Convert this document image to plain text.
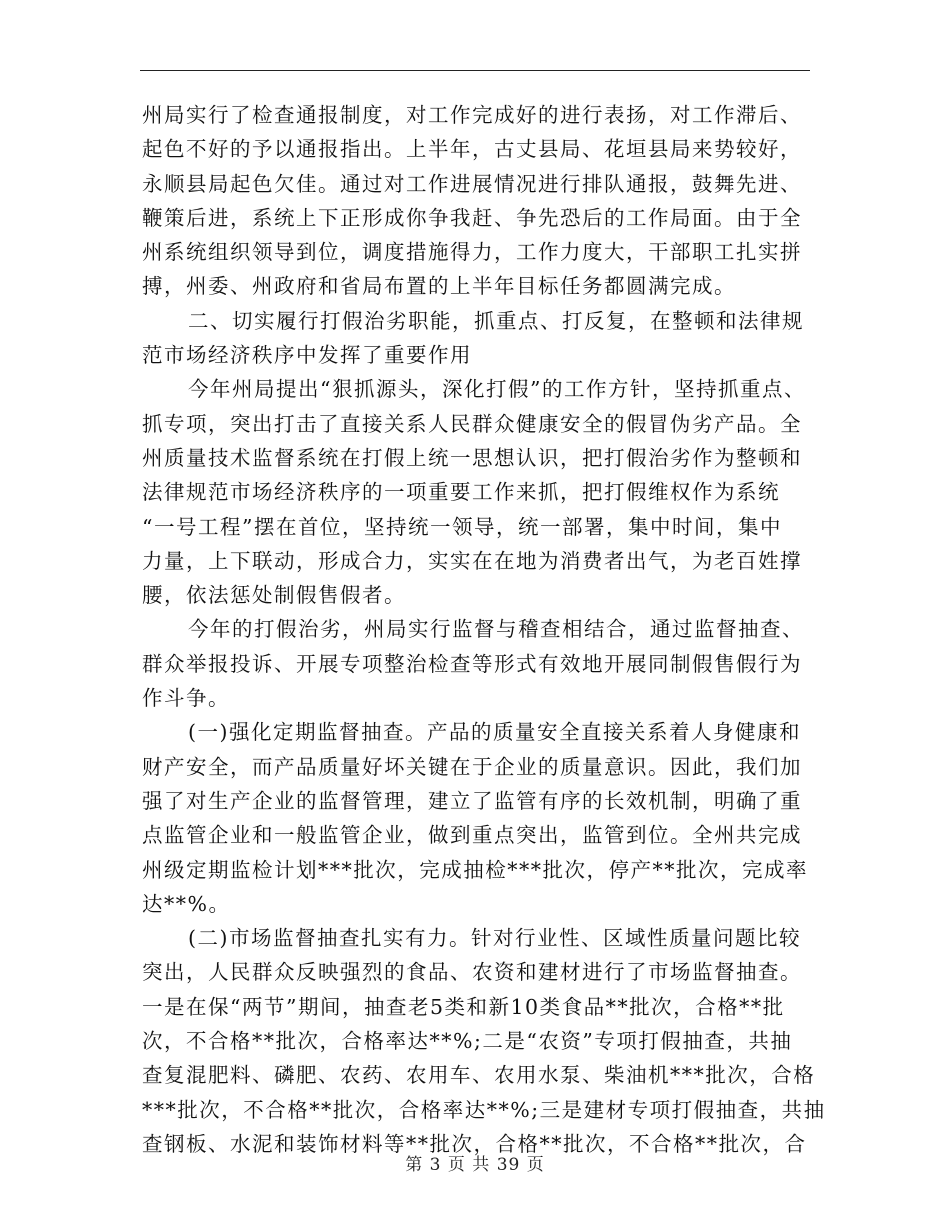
州局实行了检查通报制度，对工作完成好的进行表扬，对工作滞后、
起色不好的予以通报指出。上半年，古丈县局、花垣县局来势较好，
永顺县局起色欠佳。通过对工作进展情况进行排队通报，鼓舞先进、
鞭策后进，系统上下正形成你争我赶、争先恐后的工作局面。由于全
州系统组织领导到位，调度措施得力，工作力度大，干部职工扎实拼
搏，州委、州政府和省局布置的上半年目标任务都圆满完成。
二、切实履行打假治劣职能，抓重点、打反复，在整顿和法律规
范市场经济秩序中发挥了重要作用
今年州局提出“狠抓源头，深化打假”的工作方针，坚持抓重点、
抓专项，突出打击了直接关系人民群众健康安全的假冒伪劣产品。全
州质量技术监督系统在打假上统一思想认识，把打假治劣作为整顿和
法律规范市场经济秩序的一项重要工作来抓，把打假维权作为系统
“一号工程”摆在首位，坚持统一领导，统一部署，集中时间，集中
力量，上下联动，形成合力，实实在在地为消费者出气，为老百姓撑
腰，依法惩处制假售假者。
今年的打假治劣，州局实行监督与稽查相结合，通过监督抽查、
群众举报投诉、开展专项整治检查等形式有效地开展同制假售假行为
作斗争。
(一)强化定期监督抽查。产品的质量安全直接关系着人身健康和
财产安全，而产品质量好坏关键在于企业的质量意识。因此，我们加
强了对生产企业的监督管理，建立了监管有序的长效机制，明确了重
点监管企业和一般监管企业，做到重点突出，监管到位。全州共完成
州级定期监检计划***批次，完成抽检***批次，停产**批次，完成率
达**%。
(二)市场监督抽查扎实有力。针对行业性、区域性质量问题比较
突出，人民群众反映强烈的食品、农资和建材进行了市场监督抽查。
一是在保“两节”期间，抽查老5类和新10类食品**批次，合格**批
次，不合格**批次，合格率达**%;二是“农资”专项打假抽查，共抽
查复混肥料、磷肥、农药、农用车、农用水泵、柴油机***批次，合格
***批次，不合格**批次，合格率达**%;三是建材专项打假抽查，共抽
查钢板、水泥和装饰材料等**批次，合格**批次，不合格**批次，合
第 3 页 共 39 页
